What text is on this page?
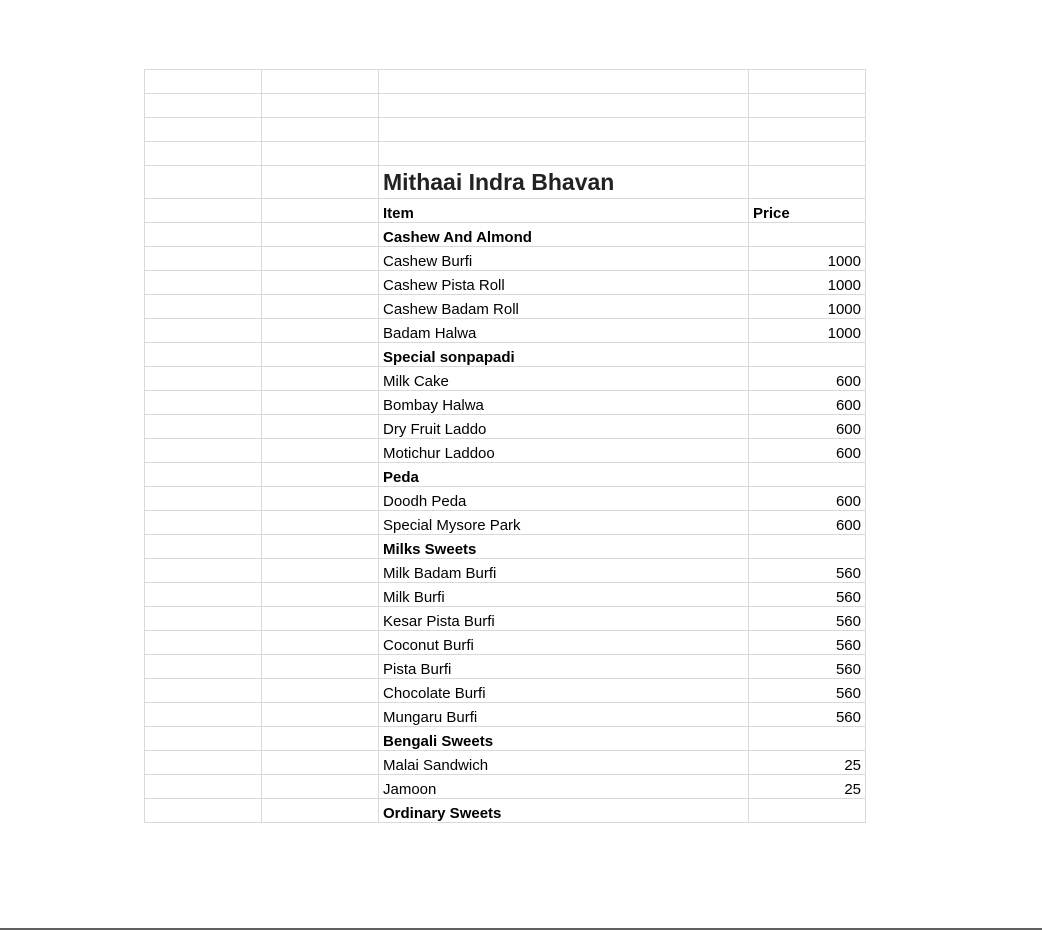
		Mithaai Indra Bhavan	
		Item	Price
		Cashew And Almond	
		Cashew Burfi	1000
		Cashew Pista Roll	1000
		Cashew Badam Roll	1000
		Badam Halwa	1000
		Special sonpapadi	
		Milk Cake	600
		Bombay Halwa	600
		Dry Fruit Laddo	600
		Motichur Laddoo	600
		Peda	
		Doodh Peda	600
		Special Mysore Park	600
		Milks Sweets	
		Milk Badam Burfi	560
		Milk Burfi	560
		Kesar Pista Burfi	560
		Coconut Burfi	560
		Pista Burfi	560
		Chocolate Burfi	560
		Mungaru Burfi	560
		Bengali Sweets	
		Malai Sandwich	25
		Jamoon	25
		Ordinary Sweets	
